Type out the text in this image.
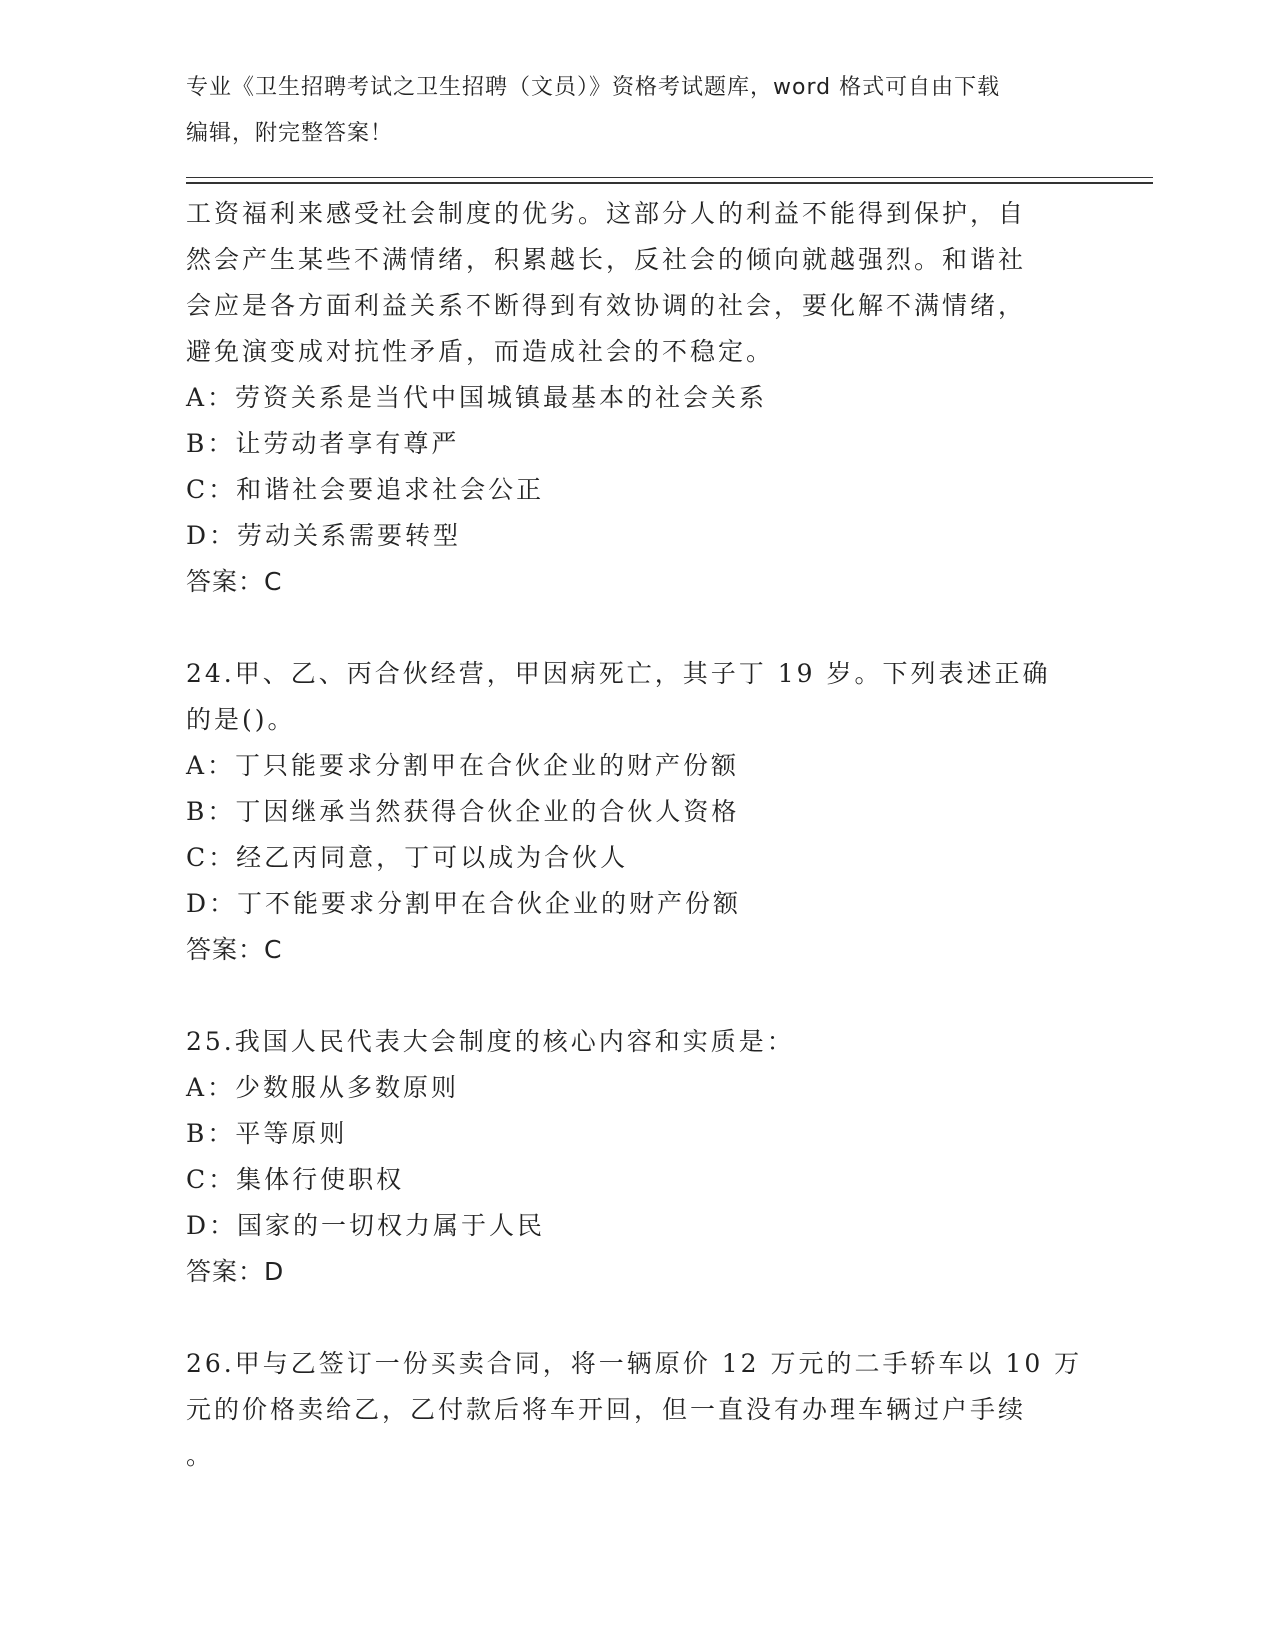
专业《卫生招聘考试之卫生招聘（文员）》资格考试题库，word 格式可自由下载
编辑，附完整答案！
工资福利来感受社会制度的优劣。这部分人的利益不能得到保护，自
然会产生某些不满情绪，积累越长，反社会的倾向就越强烈。和谐社
会应是各方面利益关系不断得到有效协调的社会，要化解不满情绪，
避免演变成对抗性矛盾，而造成社会的不稳定。
A：劳资关系是当代中国城镇最基本的社会关系
B：让劳动者享有尊严
C：和谐社会要追求社会公正
D：劳动关系需要转型
答案：C
24.甲、乙、丙合伙经营，甲因病死亡，其子丁 19 岁。下列表述正确
的是()。
A：丁只能要求分割甲在合伙企业的财产份额
B：丁因继承当然获得合伙企业的合伙人资格
C：经乙丙同意，丁可以成为合伙人
D：丁不能要求分割甲在合伙企业的财产份额
答案：C
25.我国人民代表大会制度的核心内容和实质是：
A：少数服从多数原则
B：平等原则
C：集体行使职权
D：国家的一切权力属于人民
答案：D
26.甲与乙签订一份买卖合同，将一辆原价 12 万元的二手轿车以 10 万
元的价格卖给乙，乙付款后将车开回，但一直没有办理车辆过户手续
。
